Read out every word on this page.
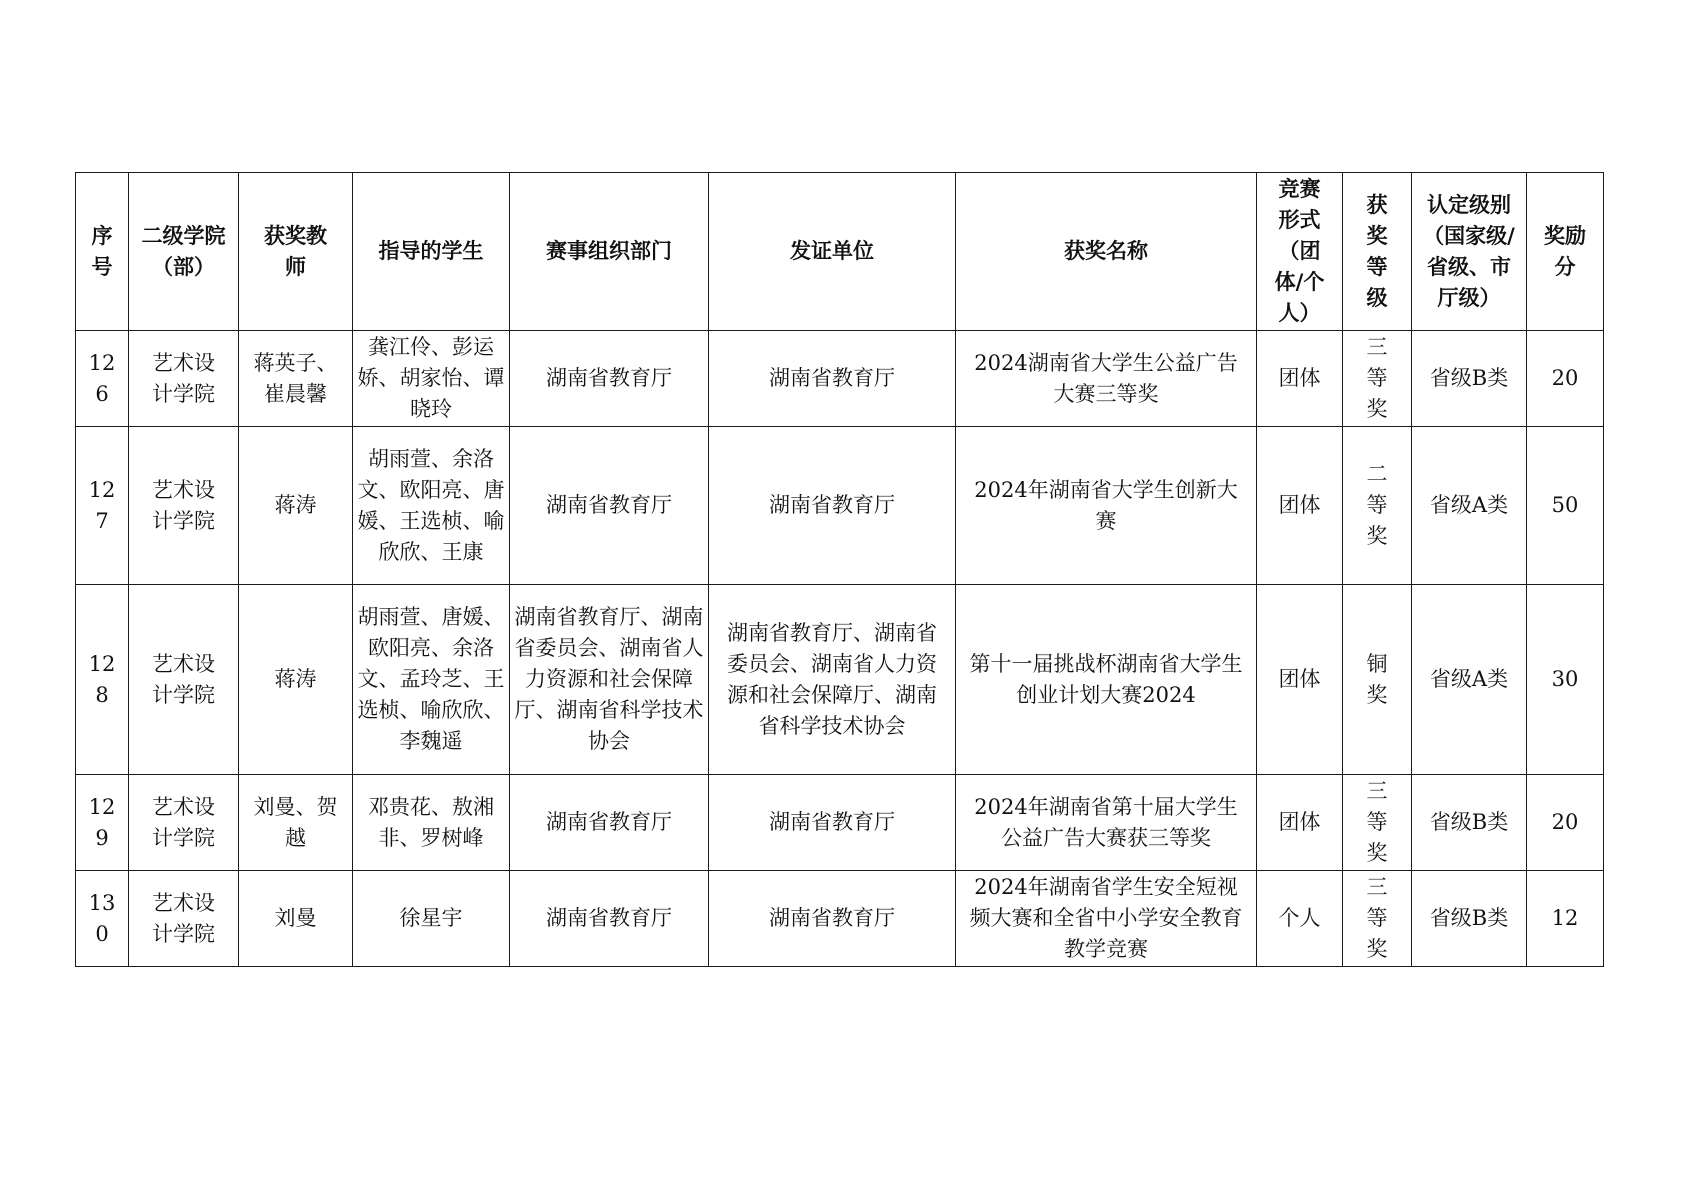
序号	二级学院（部）	获奖教师	指导的学生	赛事组织部门	发证单位	获奖名称	竞赛形式（团体/个人）	获奖等级	认定级别（国家级/省级、市厅级）	奖励分

126	艺术设计学院	蒋英子、崔晨馨	龚江伶、彭运娇、胡家怡、谭晓玲	湖南省教育厅	湖南省教育厅	2024湖南省大学生公益广告大赛三等奖	团体	三等奖	省级B类	20

127	艺术设计学院	蒋涛	胡雨萱、余洛文、欧阳亮、唐媛、王选桢、喻欣欣、王康	湖南省教育厅	湖南省教育厅	2024年湖南省大学生创新大赛	团体	二等奖	省级A类	50

128	艺术设计学院	蒋涛	胡雨萱、唐媛、欧阳亮、余洛文、孟玲芝、王选桢、喻欣欣、李魏遥	湖南省教育厅、湖南省委员会、湖南省人力资源和社会保障厅、湖南省科学技术协会	湖南省教育厅、湖南省委员会、湖南省人力资源和社会保障厅、湖南省科学技术协会	第十一届挑战杯湖南省大学生创业计划大赛2024	团体	铜奖	省级A类	30

129	艺术设计学院	刘曼、贺越	邓贵花、敖湘非、罗树峰	湖南省教育厅	湖南省教育厅	2024年湖南省第十届大学生公益广告大赛获三等奖	团体	三等奖	省级B类	20

130	艺术设计学院	刘曼	徐星宇	湖南省教育厅	湖南省教育厅	2024年湖南省学生安全短视频大赛和全省中小学安全教育教学竞赛	个人	三等奖	省级B类	12
